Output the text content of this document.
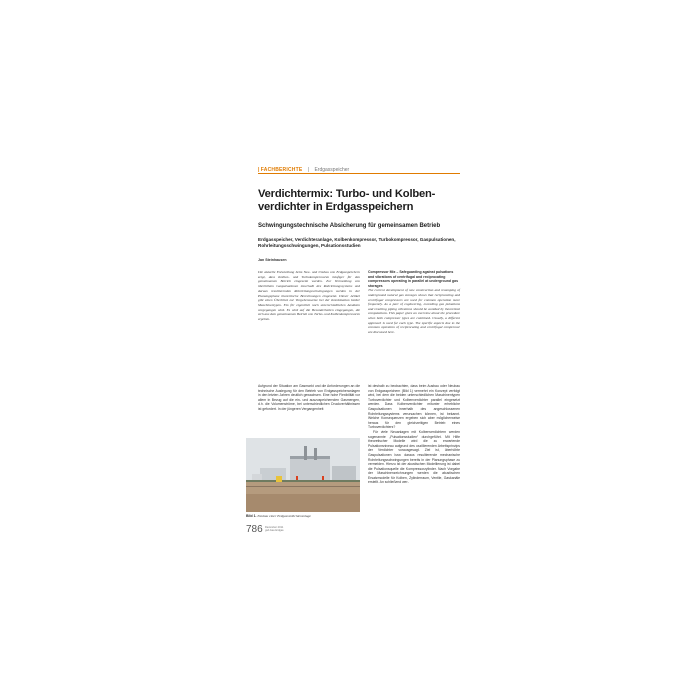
| FACHBERICHTE | Erdgasspeicher
Verdichtermix: Turbo- und Kolben- verdichter in Erdgasspeichern
Schwingungstechnische Absicherung für gemeinsamen Betrieb
Erdgasspeicher, Verdichteranlage, Kolbenkompressor, Turbokompressor, Gaspulsationen, Rohrleitungsschwingungen, Pulsationsstudien
Jan Steinhausen
Die aktuelle Entwicklung beim Neu- und Umbau von Erdgasspeichern zeigt, dass Kolben- und Turbokompressoren häufiger für den gemeinsamen Betrieb eingesetzt werden. Zur Vermeidung von überhöhten Gaspulsationen innerhalb des Rohrleitungssystems und daraus resultierenden Rohrleitungsschwingungen werden in der Planungsphase theoretische Berechnungen eingesetzt. Dieser Artikel gibt einen Überblick zur Vorgehensweise bei der Kombination beider Maschinentypen. Ein für eigentlich noch unterschiedlichen Ansätzen vorgegangen wird. Es wird auf die Besonderheiten eingegangen, die sich aus dem gemeinsamen Betrieb von Turbo- und Kolbenkompressoren ergeben.
Compressor Mix – Safeguarding against pulsations and vibrations of centrifugal and reciprocating compressors operating in parallel at underground gas storages
The current development of new construction and revamping of underground natural gas storages shows that reciprocating and centrifugal compressors are used for common operation more frequently. As a part of engineering, exceeding gas pulsations and resulting piping vibrations should be avoided by theoretical computations. This paper gives an overview about the procedure when both compressor types are combined. Usually, a different approach is used for each type. The specific aspects due to the common operation of reciprocating and centrifugal compressor are discussed here.

Aufgrund der Situation am Gasmarkt und die Anforderungen an die technische Auslegung für den Betrieb von Erdgasspeicheranlagen in den letzten Jahren deutlich gewachsen. Eine hohe Flexibilität vor allem in Bezug auf die ein- und auszuspeichernden Gasmengen, d.h. die Volumenströme, bei unterschiedlichen Druckverhältnissen ist gefordert. In der jüngeren Vergangenheit

ist deshalb zu beobachten, dass beim Ausbau oder Neubau von Erdgasspeichern (Bild 1) vermehrt ein Konzept verfolgt wird, bei dem die beiden unterschiedlichen Maschinentypen Turboverdichter und Kolbenverdichter parallel eingesetzt werden. Dass Kolbenverdichter mitunter erhebliche Gaspulsationen innerhalb des angeschlossenen Rohrleitungssystems verursachen können, ist bekannt. Welche Konsequenzen ergeben sich aber möglicherweise heraus für den gleichzeitigen Betrieb eines Turboverdichters?

Für viele Neuanlagen mit Kolbenverdichtern werden sogenannte „Pulsationsstudien“ durchgeführt. Mit Hilfe theoretischer Modelle wird die zu erwartende Pulsationsniveau aufgrund des oszillierenden Arbeitsprinzips der Verdichter vorausgesagt. Ziel ist, überhöhte Gaspulsationen bzw. daraus resultierende mechanische Rohrleitungsschwingungen bereits in der Planungsphase zu vermeiden. Hierzu ist der akustischen Modellierung ist dabei die Pulsationsquelle die Kompressorzylinder. Nach Vorgabe der Maschinenzeichnungen werden die akustischen Ersatzmodelle für Kolben, Zylinderraum, Ventile, Gaskanäle erstellt. An schließend wer-

Bild 1. Neubau einer Erdgasverdichteranlage
786 Dezember 2011
gwf-Gas Erdgas
